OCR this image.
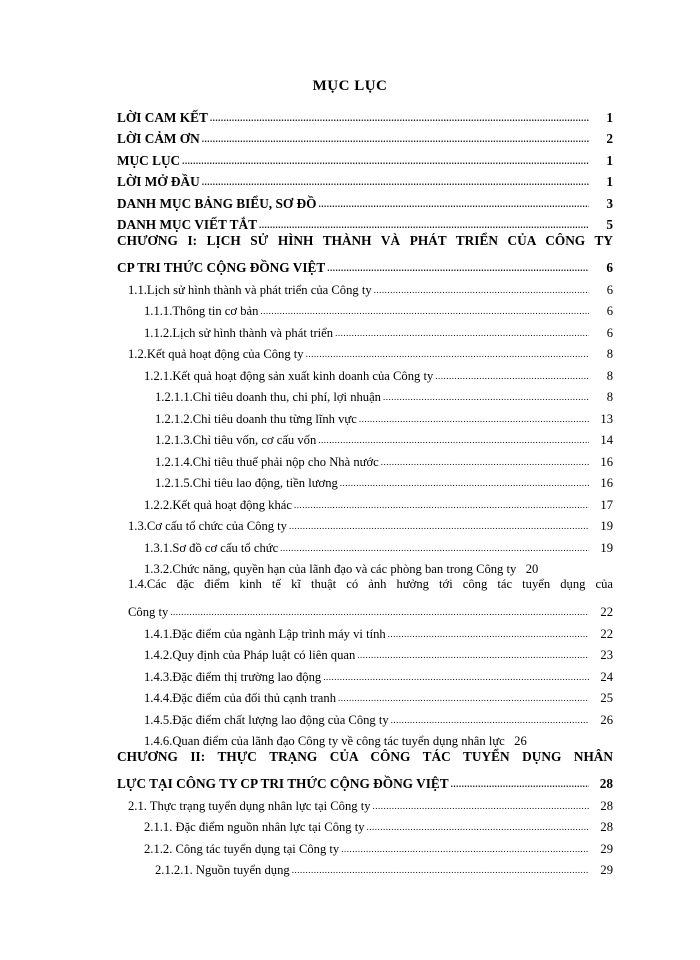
MỤC LỤC
LỜI CAM KẾT .....	1
LỜI CẢM ƠN .....	2
MỤC LỤC .....	1
LỜI MỞ ĐẦU .....	1
DANH MỤC BẢNG BIỂU, SƠ ĐỒ .....	3
DANH MỤC VIẾT TẮT .....	5
CHƯƠNG I: LỊCH SỬ HÌNH THÀNH VÀ PHÁT TRIỂN CỦA CÔNG TY
CP TRI THỨC CỘNG ĐỒNG VIỆT .....	6
1.1.Lịch sử hình thành và phát triển của Công ty .....	6
1.1.1.Thông tin cơ bản .....	6
1.1.2.Lịch sử hình thành và phát triển .....	6
1.2.Kết quả hoạt động của Công ty .....	8
1.2.1.Kết quả hoạt động sản xuất kinh doanh của Công ty .....	8
1.2.1.1.Chỉ tiêu doanh thu, chi phí, lợi nhuận .....	8
1.2.1.2.Chỉ tiêu doanh thu từng lĩnh vực .....	13
1.2.1.3.Chỉ tiêu vốn, cơ cấu vốn .....	14
1.2.1.4.Chỉ tiêu thuế phải nộp cho Nhà nước .....	16
1.2.1.5.Chỉ tiêu lao động, tiền lương .....	16
1.2.2.Kết quả hoạt động khác .....	17
1.3.Cơ cấu tổ chức của Công ty .....	19
1.3.1.Sơ đồ cơ cấu tổ chức .....	19
1.3.2.Chức năng, quyền hạn của lãnh đạo và các phòng ban trong Công ty 20
1.4.Các đặc điểm kinh tế kĩ thuật có ảnh hưởng tới công tác tuyển dụng của
Công ty .....	22
1.4.1.Đặc điểm của ngành Lập trình máy vi tính .....	22
1.4.2.Quy định của Pháp luật có liên quan .....	23
1.4.3.Đặc điểm thị trường lao động .....	24
1.4.4.Đặc điểm của đối thủ cạnh tranh .....	25
1.4.5.Đặc điểm chất lượng lao động của Công ty .....	26
1.4.6.Quan điểm của lãnh đạo Công ty về công tác tuyển dụng nhân lực 26
CHƯƠNG II: THỰC TRẠNG CỦA CÔNG TÁC TUYỂN DỤNG NHÂN
LỰC TẠI CÔNG TY CP TRI THỨC CỘNG ĐỒNG VIỆT .....	28
2.1. Thực trạng tuyển dụng nhân lực tại Công ty .....	28
2.1.1. Đặc điểm nguồn nhân lực tại Công ty .....	28
2.1.2. Công tác tuyển dụng tại Công ty .....	29
2.1.2.1. Nguồn tuyển dụng .....	29
